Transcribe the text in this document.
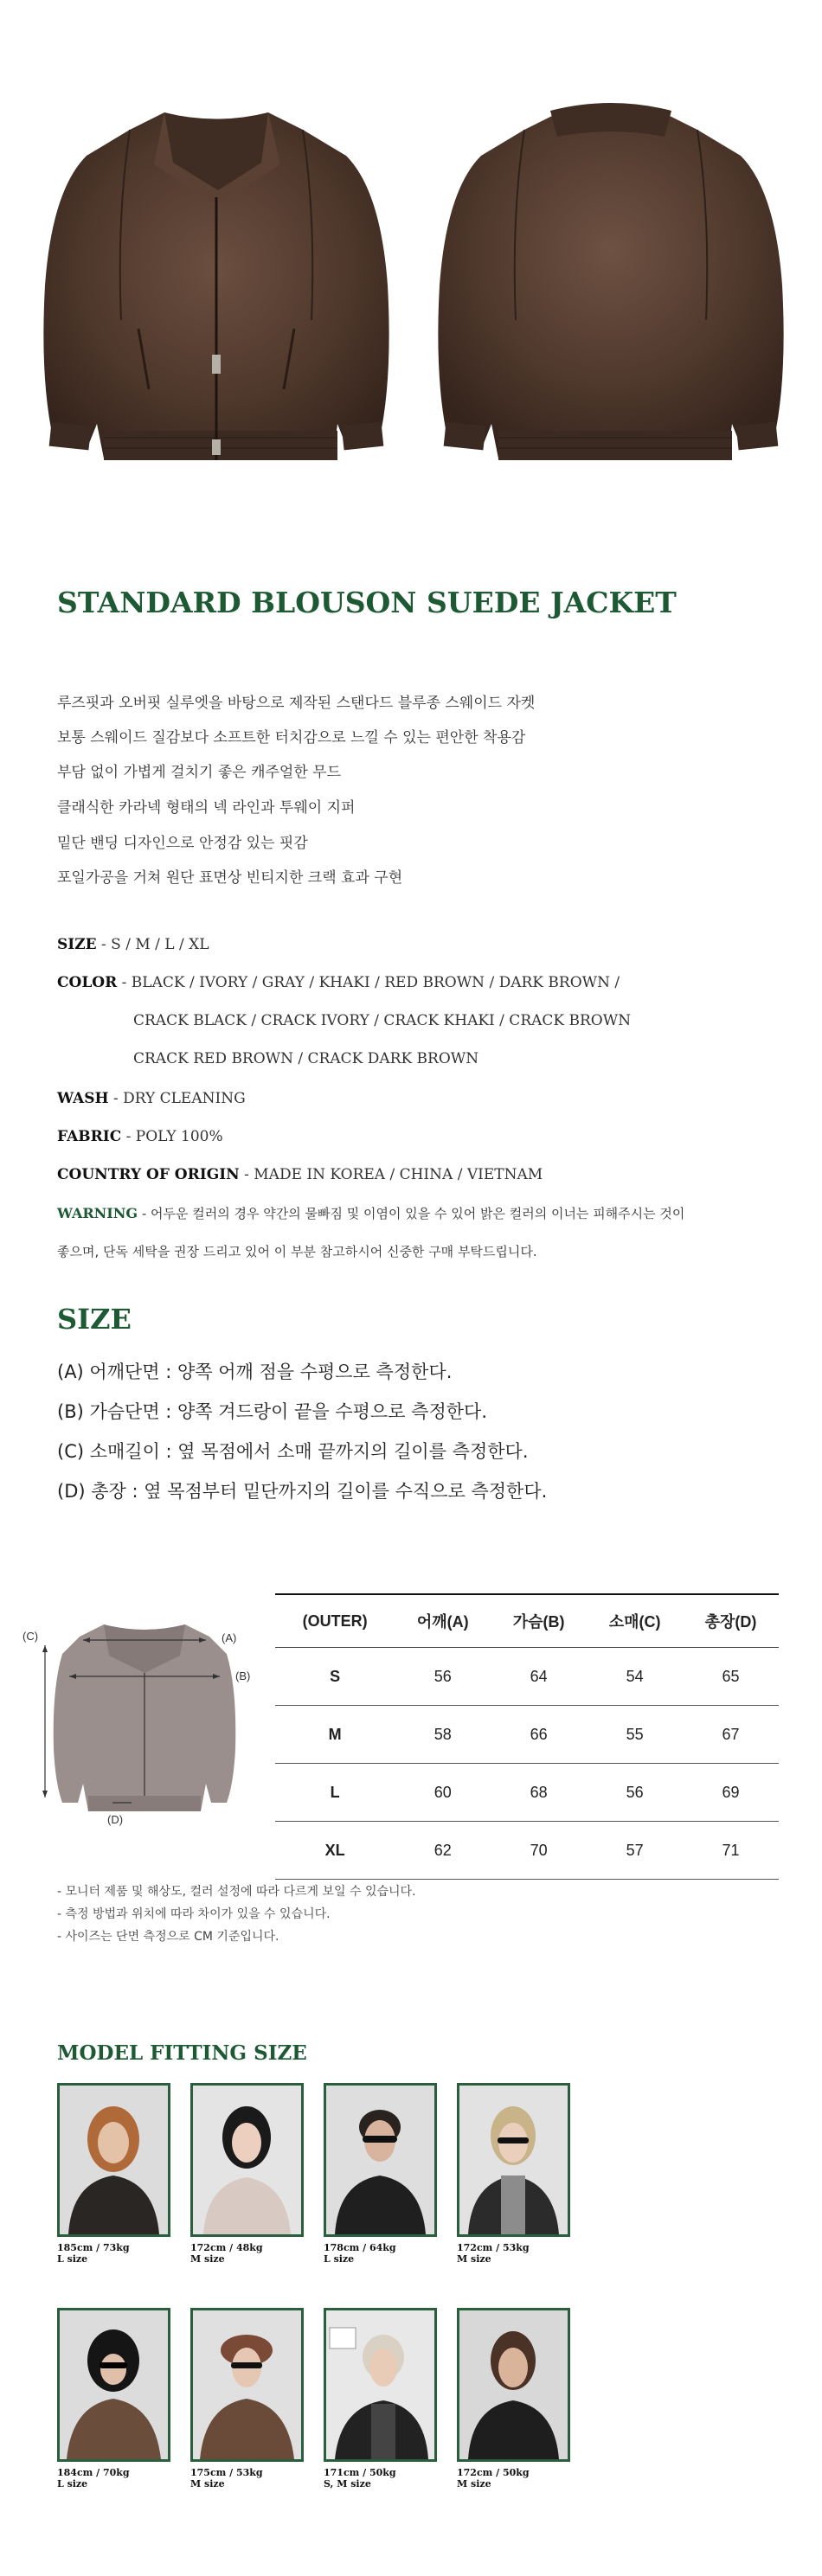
STANDARD BLOUSON SUEDE JACKET
루즈핏과 오버핏 실루엣을 바탕으로 제작된 스탠다드 블루종 스웨이드 자켓
보통 스웨이드 질감보다 소프트한 터치감으로 느낄 수 있는 편안한 착용감
부담 없이 가볍게 걸치기 좋은 캐주얼한 무드
클래식한 카라넥 형태의 넥 라인과 투웨이 지퍼
밑단 밴딩 디자인으로 안정감 있는 핏감
포일가공을 거쳐 원단 표면상 빈티지한 크랙 효과 구현
SIZE - S / M / L / XL
COLOR - BLACK / IVORY / GRAY / KHAKI / RED BROWN / DARK BROWN /
CRACK BLACK / CRACK IVORY / CRACK KHAKI / CRACK BROWN
CRACK RED BROWN / CRACK DARK BROWN
WASH - DRY CLEANING
FABRIC - POLY 100%
COUNTRY OF ORIGIN - MADE IN KOREA / CHINA / VIETNAM
WARNING - 어두운 컬러의 경우 약간의 물빠짐 및 이염이 있을 수 있어 밝은 컬러의 이너는 피해주시는 것이
좋으며, 단독 세탁을 권장 드리고 있어 이 부분 참고하시어 신중한 구매 부탁드립니다.
SIZE
(A) 어깨단면 : 양쪽 어깨 점을 수평으로 측정한다.
(B) 가슴단면 : 양쪽 겨드랑이 끝을 수평으로 측정한다.
(C) 소매길이 : 옆 목점에서 소매 끝까지의 길이를 측정한다.
(D) 총장 : 옆 목점부터 밑단까지의 길이를 수직으로 측정한다.
(A)
(B)
(C)
(D)
(OUTER)	어깨(A)	가슴(B)	소매(C)	총장(D)
S	56	64	54	65
M	58	66	55	67
L	60	68	56	69
XL	62	70	57	71
- 모니터 제품 및 해상도, 컬러 설정에 따라 다르게 보일 수 있습니다.
- 측정 방법과 위치에 따라 차이가 있을 수 있습니다.
- 사이즈는 단면 측정으로 CM 기준입니다.
MODEL FITTING SIZE
185cm / 73kg
L size
172cm / 48kg
M size
178cm / 64kg
L size
172cm / 53kg
M size
184cm / 70kg
L size
175cm / 53kg
M size
171cm / 50kg
S, M size
172cm / 50kg
M size
